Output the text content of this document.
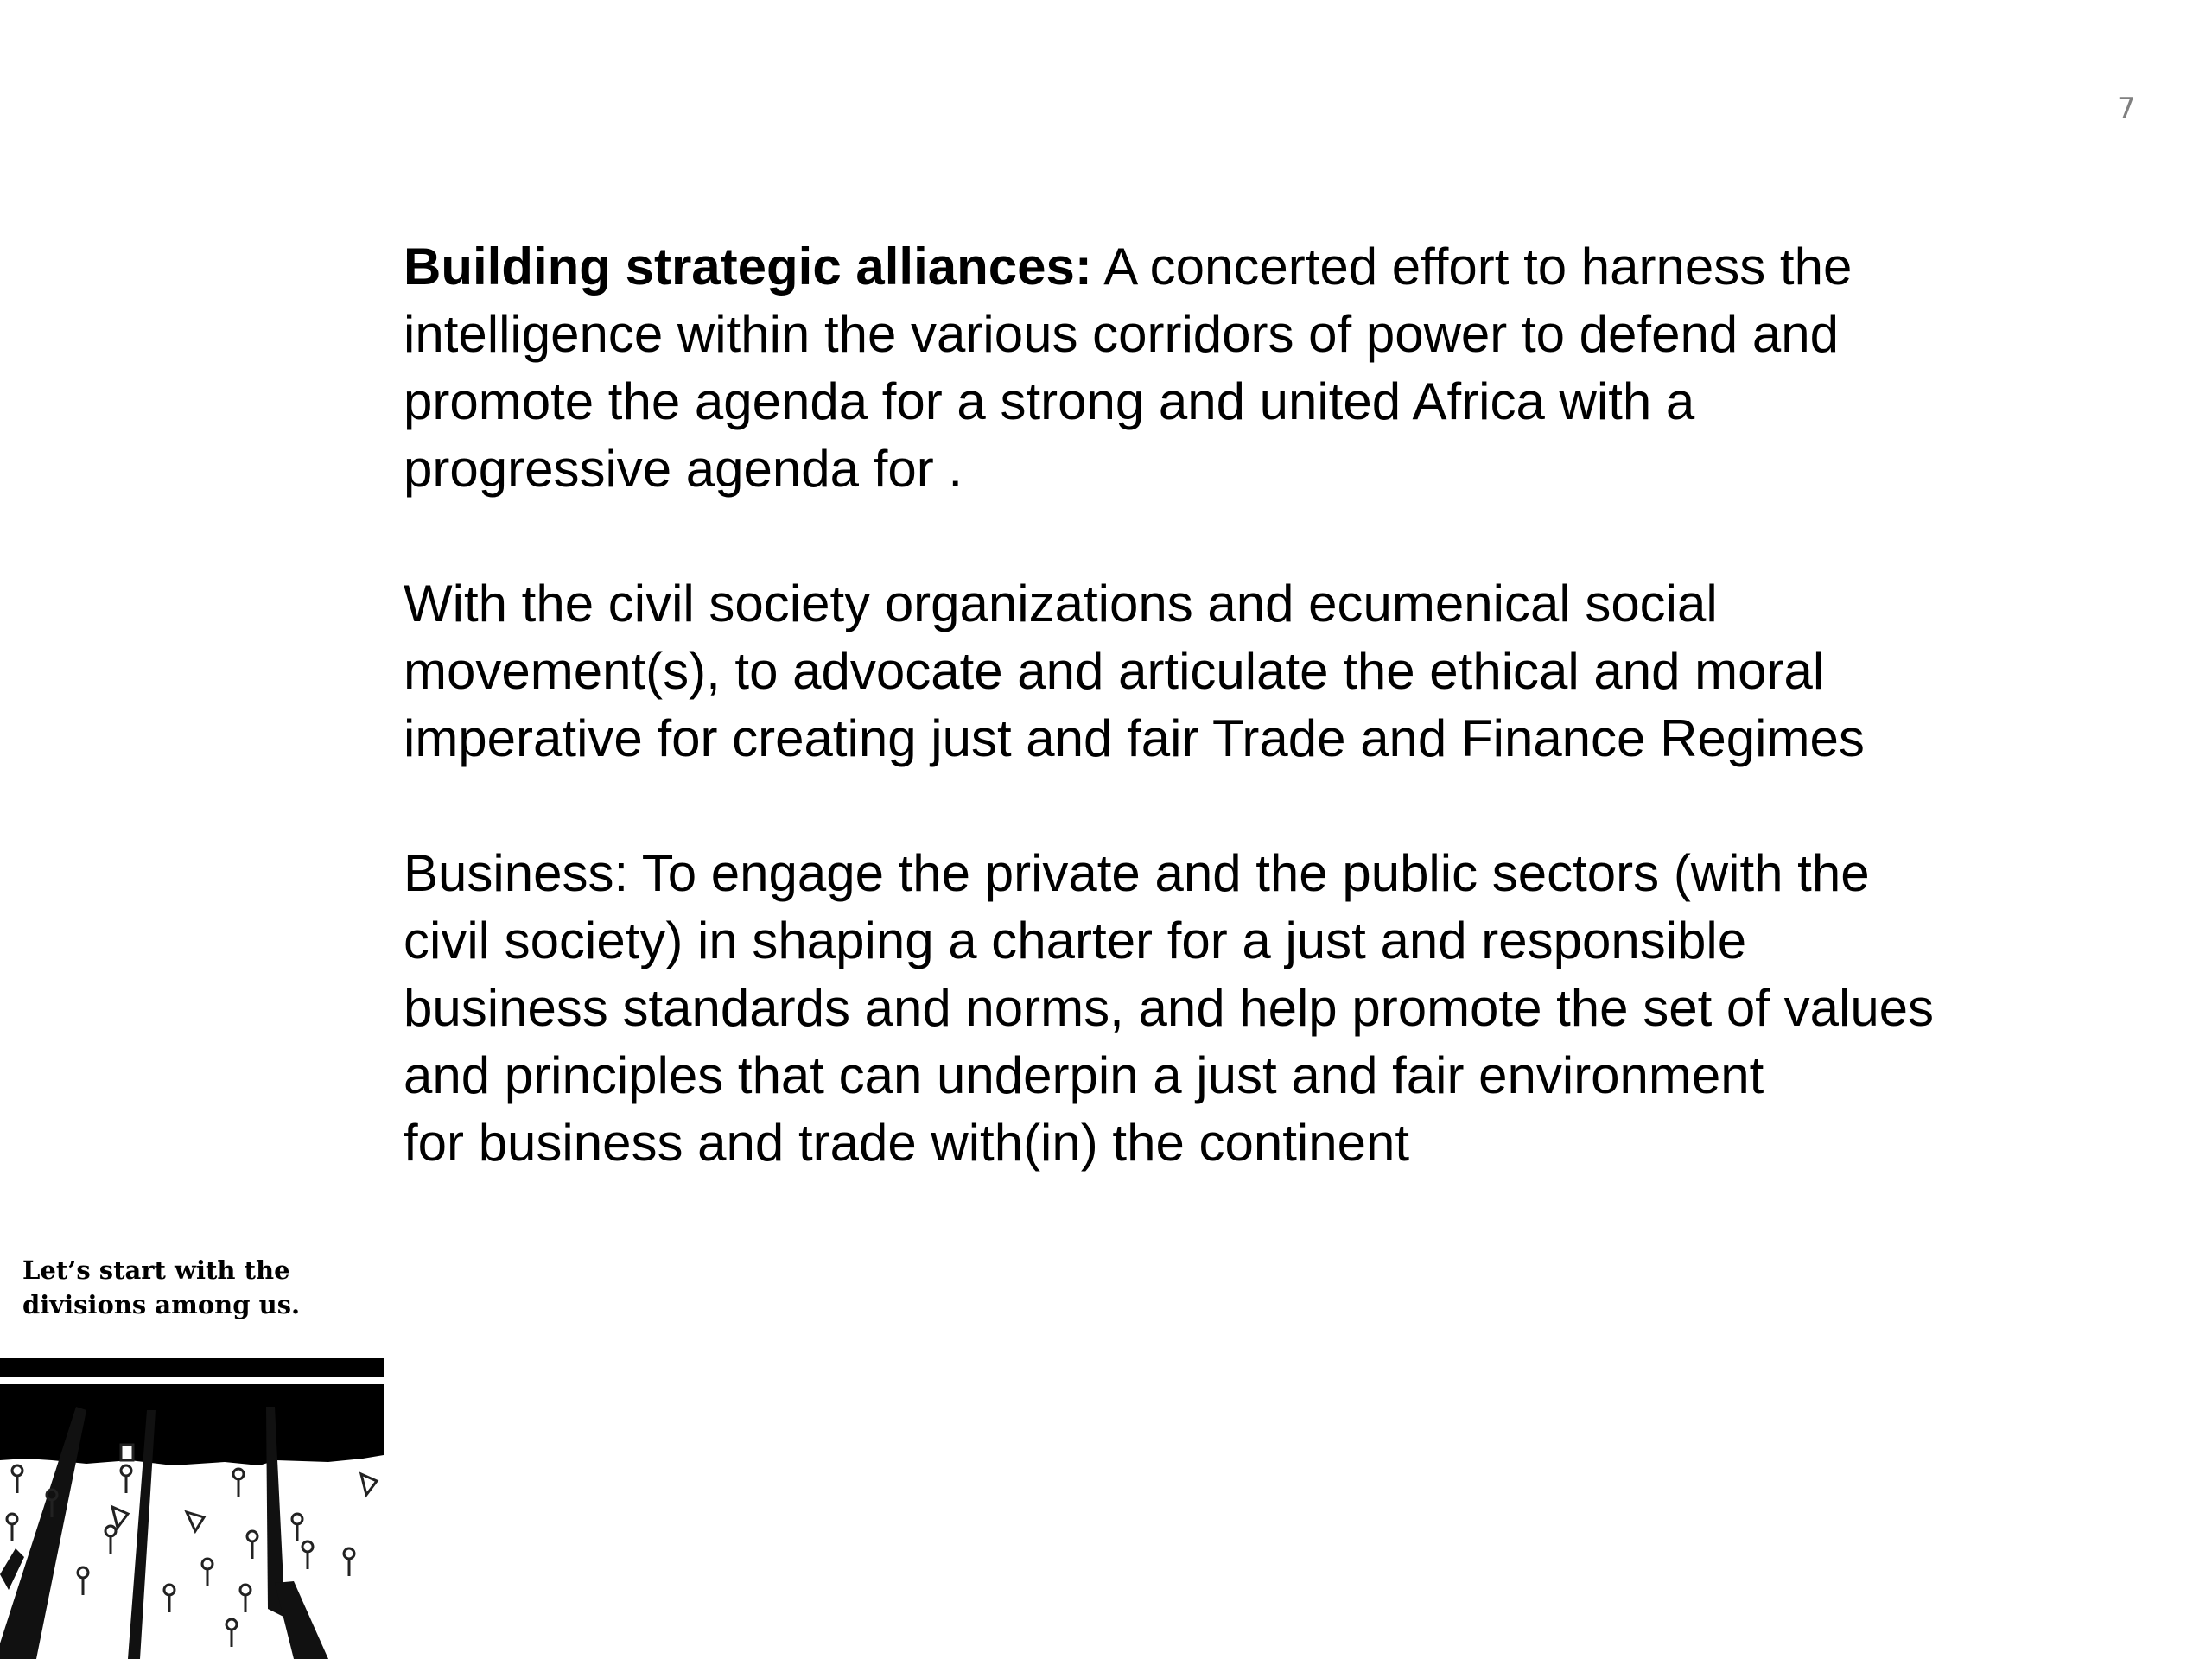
7

Building strategic alliances: A concerted effort to harness the
intelligence within the various corridors of power to defend and
promote the agenda for a strong and united Africa with a
progressive agenda for .

With the civil society organizations and ecumenical social
movement(s), to advocate and articulate the ethical and moral
imperative for creating just and fair Trade and Finance Regimes

Business: To engage the private and the public sectors (with the
civil society) in shaping a charter for a just and responsible
business standards and norms, and help promote the set of values
and principles that can underpin a just and fair environment
for business and trade with(in) the continent

Let’s start with the
divisions among us.
